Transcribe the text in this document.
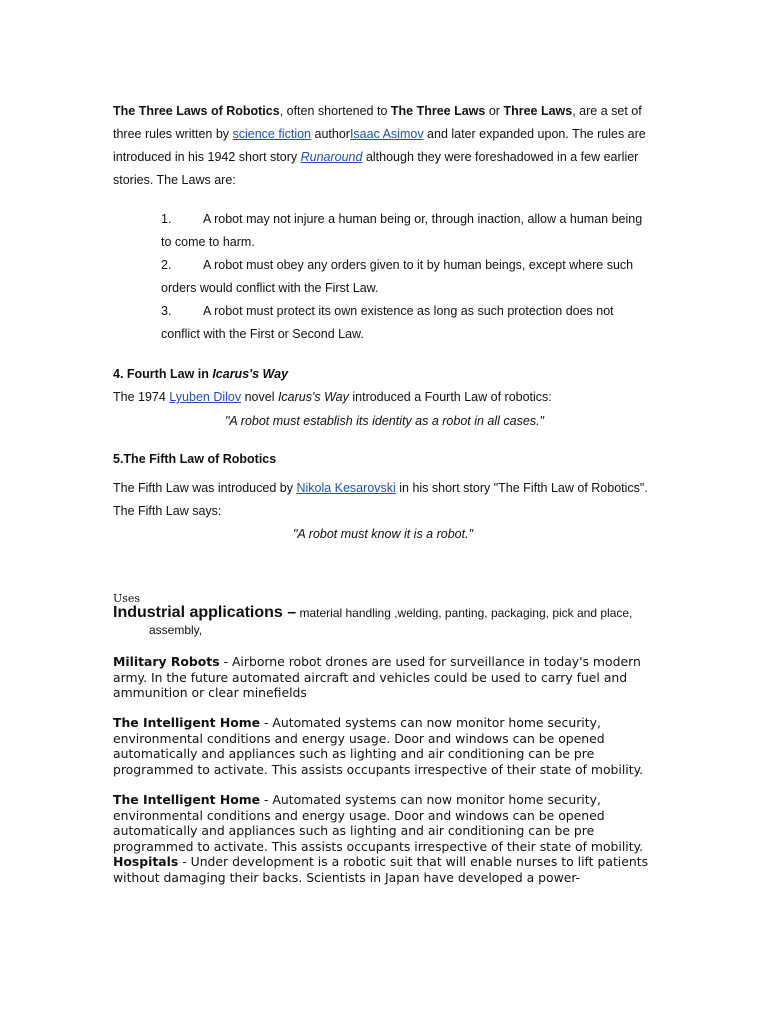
The Three Laws of Robotics, often shortened to The Three Laws or Three Laws, are a set of three rules written by science fiction authorIsaac Asimov and later expanded upon. The rules are introduced in his 1942 short story Runaround although they were foreshadowed in a few earlier stories. The Laws are:
1.	A robot may not injure a human being or, through inaction, allow a human being to come to harm.
2.	A robot must obey any orders given to it by human beings, except where such orders would conflict with the First Law.
3.	A robot must protect its own existence as long as such protection does not conflict with the First or Second Law.
4. Fourth Law in Icarus's Way
The 1974 Lyuben Dilov novel Icarus's Way introduced a Fourth Law of robotics:
"A robot must establish its identity as a robot in all cases."
5.The Fifth Law of Robotics
The Fifth Law was introduced by Nikola Kesarovski in his short story "The Fifth Law of Robotics". The Fifth Law says:
"A robot must know it is a robot."
Uses
Industrial applications – material handling ,welding, panting, packaging, pick and place,
assembly,
Military Robots - Airborne robot drones are used for surveillance in today's modern army. In the future automated aircraft and vehicles could be used to carry fuel and ammunition or clear minefields
The Intelligent Home - Automated systems can now monitor home security, environmental conditions and energy usage. Door and windows can be opened automatically and appliances such as lighting and air conditioning can be pre programmed to activate. This assists occupants irrespective of their state of mobility.
The Intelligent Home - Automated systems can now monitor home security, environmental conditions and energy usage. Door and windows can be opened automatically and appliances such as lighting and air conditioning can be pre programmed to activate. This assists occupants irrespective of their state of mobility.
Hospitals - Under development is a robotic suit that will enable nurses to lift patients without damaging their backs. Scientists in Japan have developed a power-
